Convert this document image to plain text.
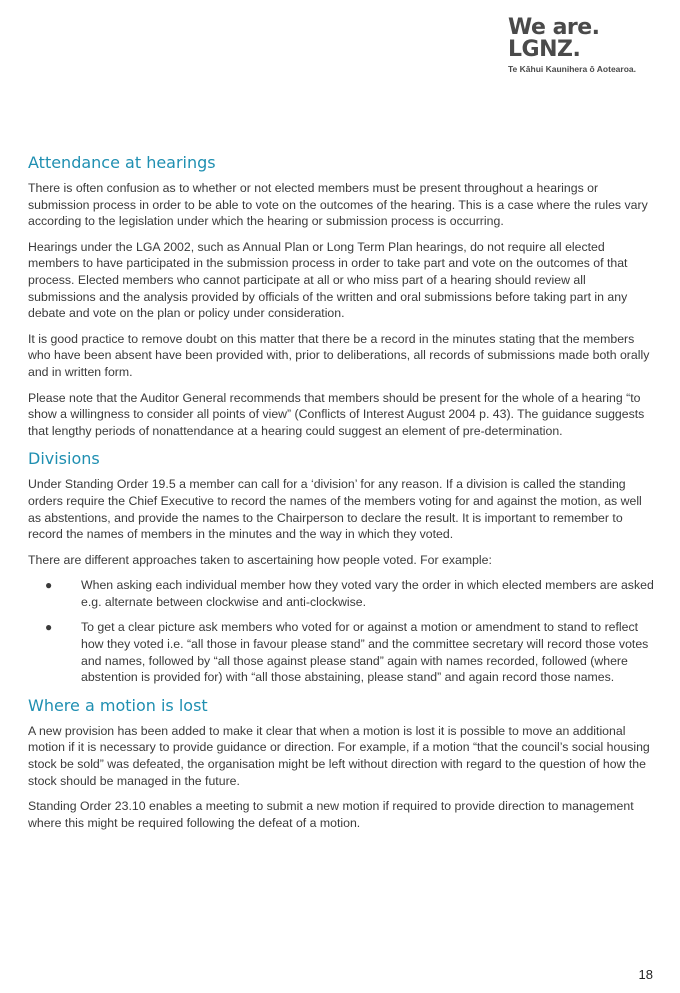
We are.
LGNZ.
Te Kāhui Kaunihera ō Aotearoa.
Attendance at hearings

There is often confusion as to whether or not elected members must be present throughout a hearings or submission process in order to be able to vote on the outcomes of the hearing. This is a case where the rules vary according to the legislation under which the hearing or submission process is occurring.

Hearings under the LGA 2002, such as Annual Plan or Long Term Plan hearings, do not require all elected members to have participated in the submission process in order to take part and vote on the outcomes of that process. Elected members who cannot participate at all or who miss part of a hearing should review all submissions and the analysis provided by officials of the written and oral submissions before taking part in any debate and vote on the plan or policy under consideration.

It is good practice to remove doubt on this matter that there be a record in the minutes stating that the members who have been absent have been provided with, prior to deliberations, all records of submissions made both orally and in written form.

Please note that the Auditor General recommends that members should be present for the whole of a hearing “to show a willingness to consider all points of view” (Conflicts of Interest August 2004 p. 43). The guidance suggests that lengthy periods of nonattendance at a hearing could suggest an element of pre-determination.

Divisions

Under Standing Order 19.5 a member can call for a ‘division’ for any reason. If a division is called the standing orders require the Chief Executive to record the names of the members voting for and against the motion, as well as abstentions, and provide the names to the Chairperson to declare the result. It is important to remember to record the names of members in the minutes and the way in which they voted.

There are different approaches taken to ascertaining how people voted. For example:

● When asking each individual member how they voted vary the order in which elected members are asked e.g. alternate between clockwise and anti-clockwise.
● To get a clear picture ask members who voted for or against a motion or amendment to stand to reflect how they voted i.e. “all those in favour please stand” and the committee secretary will record those votes and names, followed by “all those against please stand” again with names recorded, followed (where abstention is provided for) with “all those abstaining, please stand” and again record those names.
Where a motion is lost

A new provision has been added to make it clear that when a motion is lost it is possible to move an additional motion if it is necessary to provide guidance or direction. For example, if a motion “that the council’s social housing stock be sold” was defeated, the organisation might be left without direction with regard to the question of how the stock should be managed in the future.

Standing Order 23.10 enables a meeting to submit a new motion if required to provide direction to management where this might be required following the defeat of a motion.

18
